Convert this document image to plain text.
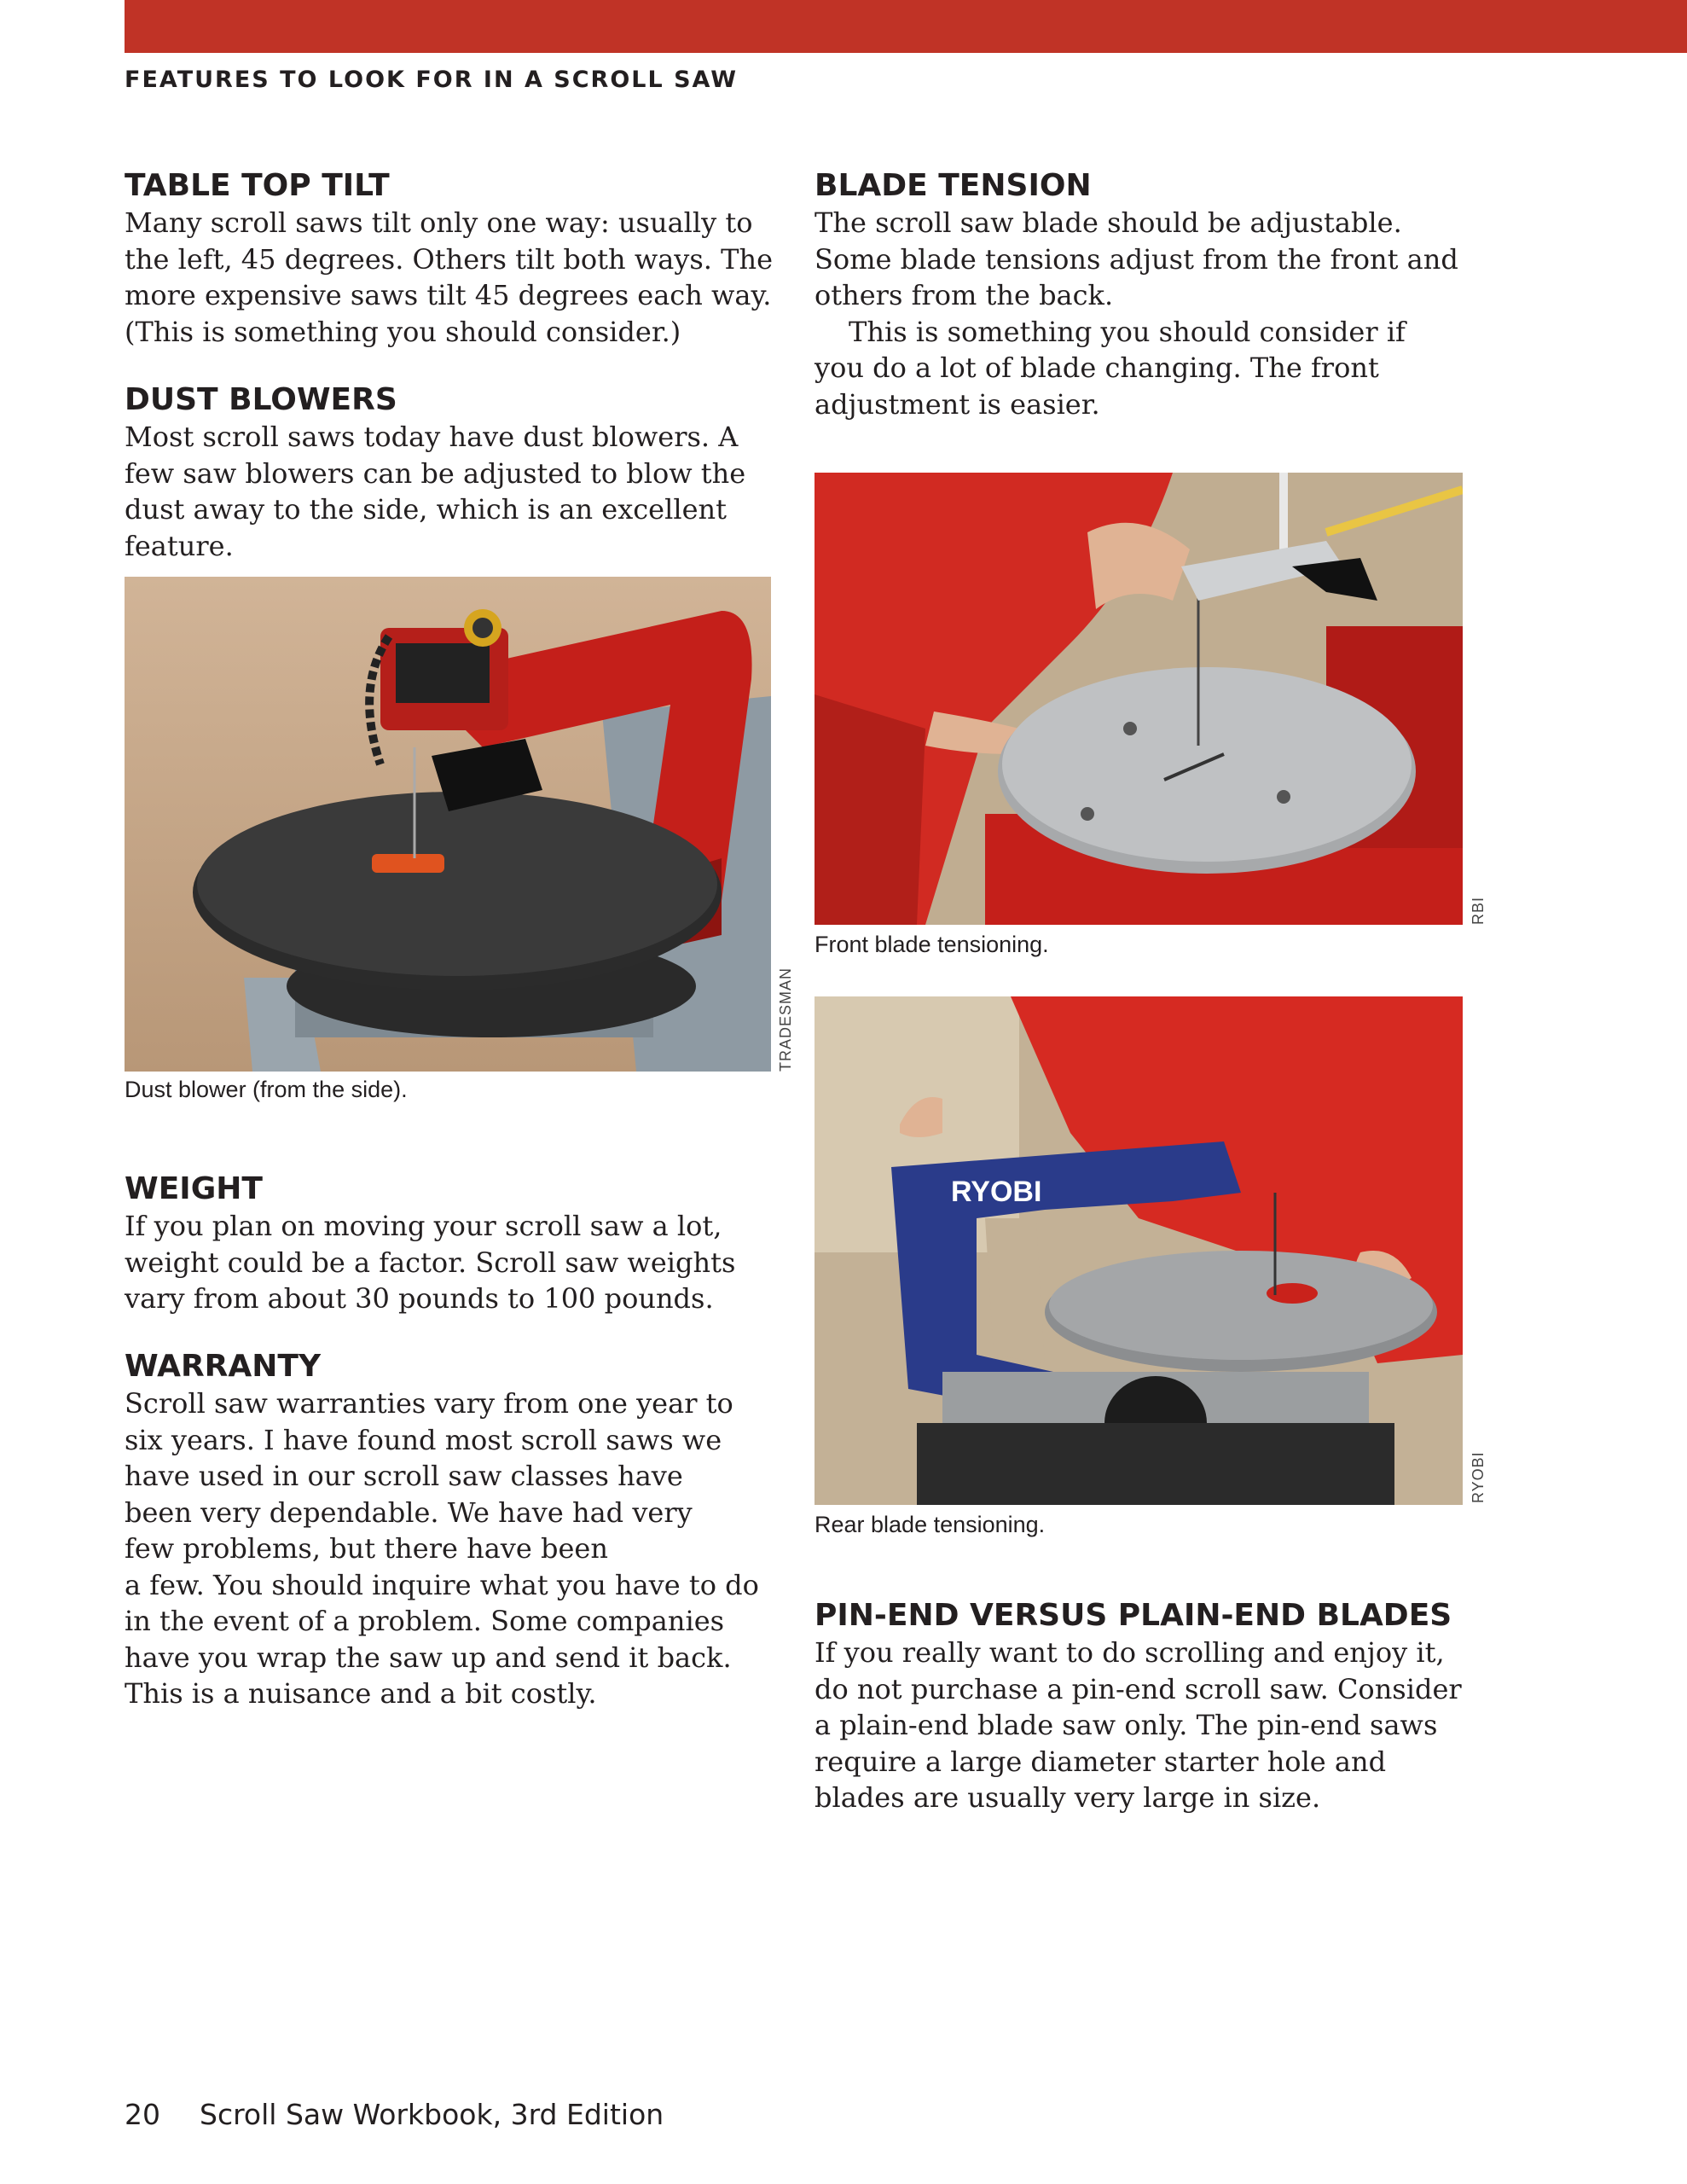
FEATURES TO LOOK FOR IN A SCROLL SAW
TABLE TOP TILT

Many scroll saws tilt only one way: usually to the left, 45 degrees. Others tilt both ways. The more expensive saws tilt 45 degrees each way. (This is something you should consider.)

DUST BLOWERS

Most scroll saws today have dust blowers. A few saw blowers can be adjusted to blow the dust away to the side, which is an excellent feature.

TRADESMAN
Dust blower (from the side).
WEIGHT

If you plan on moving your scroll saw a lot, weight could be a factor. Scroll saw weights vary from about 30 pounds to 100 pounds.

WARRANTY

Scroll saw warranties vary from one year to six years. I have found most scroll saws we have used in our scroll saw classes have been very dependable. We have had very few problems, but there have been

a few. You should inquire what you have to do in the event of a problem. Some companies have you wrap the saw up and send it back. This is a nuisance and a bit costly.

BLADE TENSION

The scroll saw blade should be adjustable. Some blade tensions adjust from the front and others from the back.

This is something you should consider if you do a lot of blade changing. The front adjustment is easier.

RBI
Front blade tensioning.
RYOBI
RYOBI
Rear blade tensioning.
PIN-END VERSUS PLAIN-END BLADES

If you really want to do scrolling and enjoy it, do not purchase a pin-end scroll saw. Consider a plain-end blade saw only. The pin-end saws require a large diameter starter hole and blades are usually very large in size.

20 Scroll Saw Workbook, 3rd Edition
